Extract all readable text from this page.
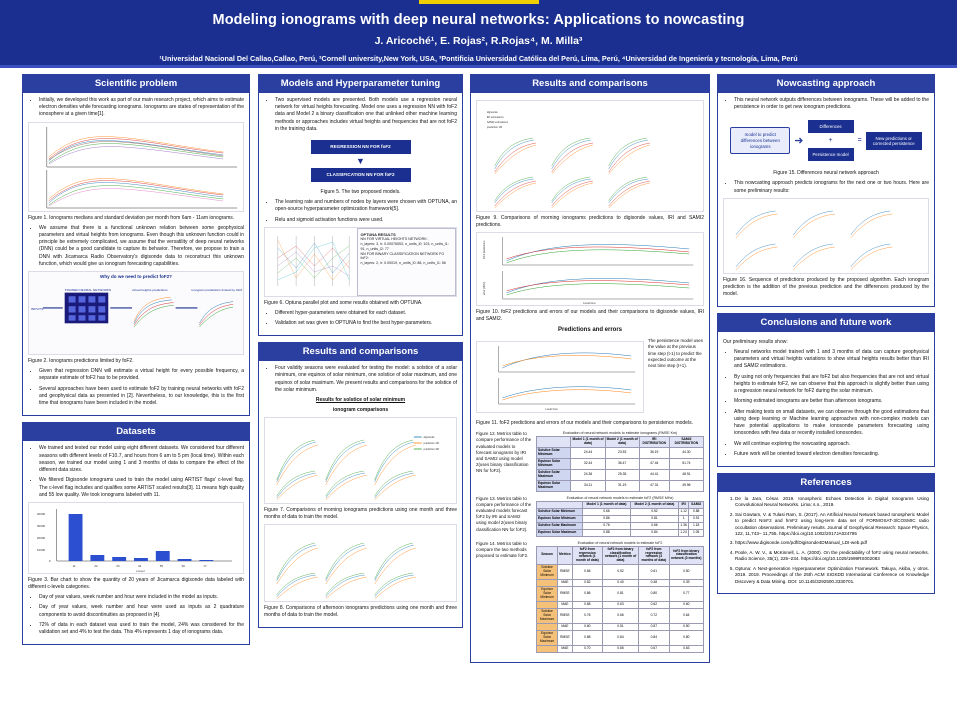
Modeling ionograms with deep neural networks: Applications to nowcasting
J. Aricoché¹, E. Rojas², R.Rojas⁴, M. Milla³
¹Universidad Nacional Del Callao,Callao, Perú, ²Cornell university,New York, USA, ³Pontificia Universidad Católica del Perú, Lima, Perú, ⁴Universidad de Ingeniería y tecnología, Lima, Perú
Scientific problem
• Initially, we developed this work as part of our main research project, which aims to estimate electron densities while forecasting ionograms. Ionograms are states of representation of the ionosphere at a given time[1].
Figure 1. Ionograms medians and standard deviation per month from 6am - 11am ionograms.
• We assume that there is a functional unknown relation between some geophysical parameters and virtual heights from ionograms. Even though this unknown function could in principle be extremely complicated, we assume that the versatility of deep neural networks (DNN) could be a good candidate to capture its behavior. Therefore, we propose to train a DNN with Jicamarca Radio Observatory's digisonde data to reconstruct this unknown function, which would give us ionogram forecasting capabilities.
Why do we need to predict foF2?
INPUTS
TRAINED NEURAL NETWORKS	virtual heights predictions	ionogram predictions limited by foF2
Figure 2. Ionograms predictions limited by foF2.
• Given that regression DNN will estimate a virtual height for every possible frequency, a separate estimate of foF2 has to be provided.
• Several approaches have been used to estimate foF2 by training neural networks with foF2 and geophysical data as presented in [2]. Nevertheless, to our knowledge, this is the first time that ionograms have been included in the model.
Datasets
• We trained and tested our model using eight different datasets. We considered four different seasons with different levels of F10.7, and hours from 6 am to 5 pm (local time). Within each season, we trained our model using 1 and 3 months of data to compare the effect of the different data sizes.
• We filtered Digisonde ionograms used to train the model using ARTIST flags' c-level flag. The c-level flag includes and qualifies some ARTIST scaled results[3]. 11 means high quality and 55 low quality. We took ionograms labeled with 11.
40000
30000
20000
10000
0
11	22	33	44	55	66	77
c-level
Figure 3. Bar chart to show the quantity of 20 years of Jicamarca digisonde data labeled with different c-levels categories.
• Day of year values, week number and hour were included in the model as inputs.
• Day of year values, week number and hour were used as inputs as 2 quadrature components to avoid discontinuities as proposed in [4].
• 72% of data in each dataset was used to train the model, 24% was considered for the validation set and 4% to test the data. This 4% represents 1 day of ionograms data.
Models and Hyperparameter tuning
• Two supervised models are presented. Both models use a regression neural network for virtual heights forecasting. Model one uses a regression NN with foF2 data and Model 2 a binary classification one that unlinked other machine learning methods or approaches includes virtual heights and frequencies that are not foF2 in the training data.
REGRESSION NN FOR foF2
▼
CLASSIFICATION NN FOR foF2
Figure 5. The two proposed models.
• The learning rate and numbers of nodes by layers were chosen with OPTUNA, an open-source hyperparameter optimization framework[5].
• Relu and sigmoid activation functions were used.
OPTUNA RESULTS
NN FOR VIRTUAL HEIGHTS NETWORK:
n_layers: 3, lr: 0.00076553, n_units_l0: 103, n_units_l1: 91, n_units_l2: 77
NN FOR BINARY CLASSIFICATION NETWORK FO foF2:
n_layers: 2, lr: 0.00019, n_units_l0: 88, n_units_l1: 56
Figure 6. Optuna parallel plot and some results obtained with OPTUNA.
• Different hyper-parameters were obtained for each dataset.
• Validation set was given to OPTUNA to find the best hyper-parameters.
Results and comparisons
• Four validity seasons were evaluated for testing the model: a solstice of a solar minimum, one equinox of solar minimum, one solstice of solar maximum, and one equinox of solar maximum. We present results and comparisons for the solstice of the solar minimum.
Results for solstice of solar minimum
ionogram comparisons
digisonde
prediction 1M
prediction 3M
Figure 7. Comparisons of morning ionograms predictions using one month and three months of data to train the model.
Figure 8. Comparisons of afternoon ionograms predictions using one month and three months of data to train the model.
Results and comparisons
digisonde
IRI estimations
SAMI2 estimations
prediction 1M
Figure 9. Comparisons of morning ionograms predictions to digisonde values, IRI and SAMI2 predictions.
foF2 predictions
error (MHz)
Local time
Figure 10. foF2 predictions and errors of our models and their comparisons to digisonde values, IRI and SAMI2.
Predictions and errors
Local time
The persistence model uses the value at the previous time step (t-1) to predict the expected outcome at the next time step (t+1).
Figure 11. foF2 predictions and errors of our models and their comparisons to persistence models.
Figure 12. Metrics table to compare performance of the evaluated models to forecast ionograms by IRI and SAMI2 using model 2(uses binary classification NN for foF2).
Evaluation of neural network models to estimate ionograms (RMSE Km)
	Model 1 (1 month of data)	Model 2 (1 month of data)	IRI DISTRIBUTION	SAMI2 DISTRIBUTION
Solstice Solar Minimum	24.44	23.53	36.19	44.30
Equinox Solar Minimum	32.44	36.47	47.44	51.74
Solstice Solar Maximum	24.36	25.35	44.41	48.91
Equinox Solar Maximum	34.11	31.19	47.31	49.96
Figure 13. Metrics table to compare performance of the evaluated models forecast foF2 by IRI and SAMI2 using model 2(uses binary classification NN for foF2).
Evaluation of neural network models to estimate foF2 (RMSE MHz)
	Model 1 (1 month of data)	Model 2 (1 month of data)	IRI	SAMI2
Solstice Solar Minimum	0.66	0.52	1.12	0.88
Equinox Solar Minimum	0.86	0.81	1	0.91
Solstice Solar Maximum	0.76	0.66	1.36	1.18
Equinox Solar Maximum	0.88	0.84	1.24	1.05
Figure 14. Metrics table to compare the two methods proposed to estimate foF2.
Evaluation of neural network models to estimate foF2
Season	Metrics	foF2 from regression network (1 month of data)	foF2 from binary classification network (1 month of data)	foF2 from regression network (3 months of data)	foF2 from binary classification network (3 months)
Solstice Solar Minimum	RMSE	0.66	0.52	0.61	0.50
	MAE	0.52	0.40	0.48	0.39
Equinox Solar Minimum	RMSE	0.86	0.81	0.80	0.77
	MAE	0.68	0.63	0.62	0.60
Solstice Solar Maximum	RMSE	0.76	0.66	0.72	0.64
	MAE	0.60	0.51	0.57	0.50
Equinox Solar Maximum	RMSE	0.88	0.84	0.84	0.80
	MAE	0.70	0.66	0.67	0.63
Nowcasting approach
• This neural network outputs differences between ionograms. These will be added to the persistence in order to get new ionogram predictions.
model to predict differences between ionograms	➜
Differences
+
Persistence model
=	New predictions or corrected persistence
Figure 15. Differences neural network approach
• This nowcasting approach predicts ionograms for the next one or two hours. Here are some preliminary results:
Figure 16. Sequence of predictions produced by the proposed algorithm. Each ionogram prediction is the addition of the previous prediction and the differences produced by the model.
Conclusions and future work
Our preliminary results show:
• Neural networks model trained with 1 and 3 months of data can capture geophysical parameters and virtual heights variations to show virtual heights results better than IRI and SAMI2 estimations.
• By using not only frequencies that are foF2 but also frequencies that are not and virtual heights to estimate foF2, we can observe that this approach is slightly better than using a regression neural network for foF2 during the solar minimum.
• Morning estimated ionograms are better than afternoon ionograms.
• After making tests on small datasets, we can observe through the good estimations that using deep learning or Machine learning approaches with non-complex models can have potential applications to make ionosonde parameters forecasting using ionosondes with few data or recently installed ionosondes.
• We will continue exploring the nowcasting approach.
• Future work will be oriented toward electron densities forecasting.
References
1. De la Jara, César. 2019. Ionospheric Echoes Detection in Digital Ionograms Using Convolutional Neural Networks. Lima: s.n., 2019.
2. Sai Gowtam, V. & Tulasi Ram, S. (2017). An Artificial Neural Network based Ionospheric Model to predict NmF2 and hmF2 using long-term data set of FORMOSAT-3/COSMIC radio occultation observations. Preliminary results. Journal of Geophysical Research: Space Physics, 122, 11,743– 11,755. https://doi.org/10.1002/2017JA024795
3. https://www.digisonde.com/pdf/Digisonde4DManual_LDI-web.pdf
4. Poole, A. W. V., & McKinnell, L. A. (2000). On the predictability of foF2 using neural networks. Radio Science, 35(1), 225–234. https://doi.org/10.1029/1999RS002083
5. Optuna: A Next-generation Hyperparameter Optimization Framework. Takuya, Akiba, y otros. 2019. 2019. Proceedings of the 25th ACM SIGKDD International Conference on Knowledge Discovery & Data Mining. DOI: 10.1145/3292500.3330701.
